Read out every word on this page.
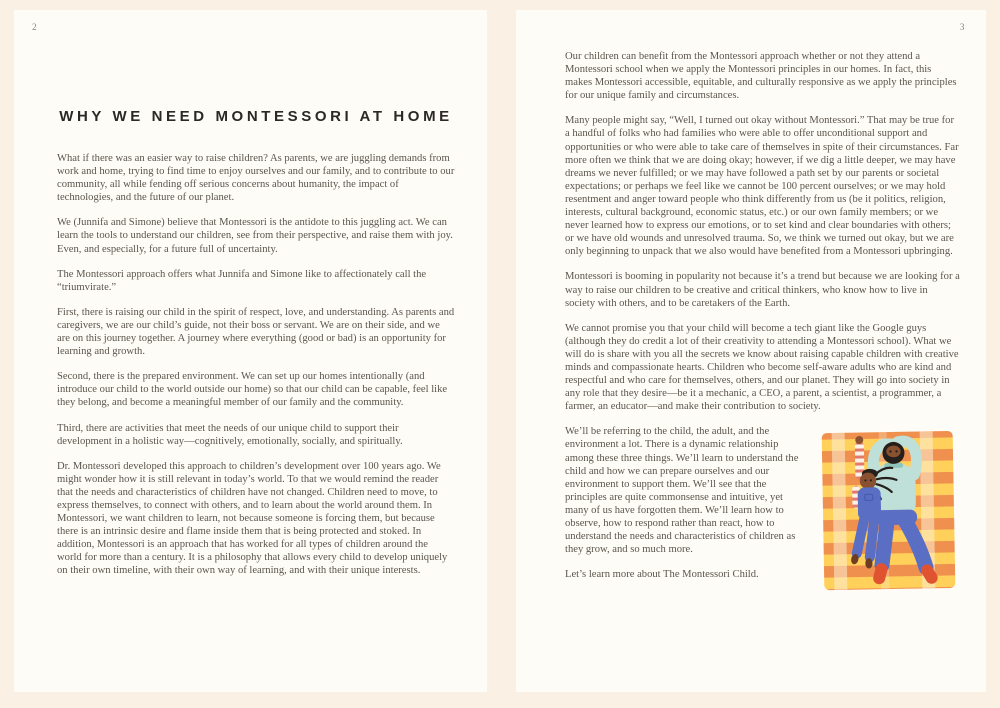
2
WHY WE NEED MONTESSORI AT HOME

What if there was an easier way to raise children? As parents, we are juggling demands from work and home, trying to find time to enjoy ourselves and our family, and to contribute to our community, all while fending off serious concerns about humanity, the impact of technologies, and the future of our planet.

We (Junnifa and Simone) believe that Montessori is the antidote to this juggling act. We can learn the tools to understand our children, see from their perspective, and raise them with joy. Even, and especially, for a future full of uncertainty.

The Montessori approach offers what Junnifa and Simone like to affectionately call the “triumvirate.”

First, there is raising our child in the spirit of respect, love, and understanding. As parents and caregivers, we are our child’s guide, not their boss or servant. We are on their side, and we are on this journey together. A journey where everything (good or bad) is an opportunity for learning and growth.

Second, there is the prepared environment. We can set up our homes intentionally (and introduce our child to the world outside our home) so that our child can be capable, feel like they belong, and become a meaningful member of our family and the community.

Third, there are activities that meet the needs of our unique child to support their development in a holistic way—cognitively, emotionally, socially, and spiritually.

Dr. Montessori developed this approach to children’s development over 100 years ago. We might wonder how it is still relevant in today’s world. To that we would remind the reader that the needs and characteristics of children have not changed. Children need to move, to express themselves, to connect with others, and to learn about the world around them. In Montessori, we want children to learn, not because someone is forcing them, but because there is an intrinsic desire and flame inside them that is being protected and stoked. In addition, Montessori is an approach that has worked for all types of children around the world for more than a century. It is a philosophy that allows every child to develop uniquely on their own timeline, with their own way of learning, and with their unique interests.

3

Our children can benefit from the Montessori approach whether or not they attend a Montessori school when we apply the Montessori principles in our homes. In fact, this makes Montessori accessible, equitable, and culturally responsive as we apply the principles for our unique family and circumstances.

Many people might say, “Well, I turned out okay without Montessori.” That may be true for a handful of folks who had families who were able to offer unconditional support and opportunities or who were able to take care of themselves in spite of their circumstances. Far more often we think that we are doing okay; however, if we dig a little deeper, we may have dreams we never fulfilled; or we may have followed a path set by our parents or societal expectations; or perhaps we feel like we cannot be 100 percent ourselves; or we may hold resentment and anger toward people who think differently from us (be it politics, religion, interests, cultural background, economic status, etc.) or our own family members; or we never learned how to express our emotions, or to set kind and clear boundaries with others; or we have old wounds and unresolved trauma. So, we think we turned out okay, but we are only beginning to unpack that we also would have benefited from a Montessori upbringing.

Montessori is booming in popularity not because it’s a trend but because we are looking for a way to raise our children to be creative and critical thinkers, who know how to live in society with others, and to be caretakers of the Earth.

We cannot promise you that your child will become a tech giant like the Google guys (although they do credit a lot of their creativity to attending a Montessori school). What we will do is share with you all the secrets we know about raising capable children with creative minds and compassionate hearts. Children who become self-aware adults who are kind and respectful and who care for themselves, others, and our planet. They will go into society in any role that they desire—be it a mechanic, a CEO, a parent, a scientist, a programmer, a farmer, an educator—and make their contribution to society.

We’ll be referring to the child, the adult, and the environment a lot. There is a dynamic relationship among these three things. We’ll learn to understand the child and how we can prepare ourselves and our environment to support them. We’ll see that the principles are quite commonsense and intuitive, yet many of us have forgotten them. We’ll learn how to observe, how to respond rather than react, how to understand the needs and characteristics of children as they grow, and so much more.

Let’s learn more about The Montessori Child.
